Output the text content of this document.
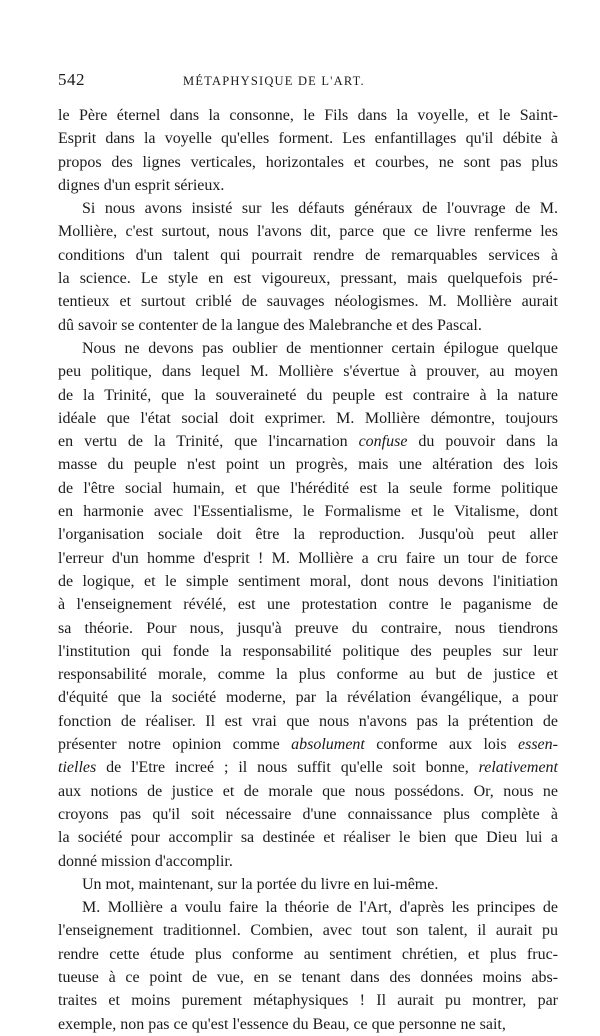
542	MÉTAPHYSIQUE DE L'ART.
le Père éternel dans la consonne, le Fils dans la voyelle, et le Saint-
Esprit dans la voyelle qu'elles forment. Les enfantillages qu'il débite à
propos des lignes verticales, horizontales et courbes, ne sont pas plus
dignes d'un esprit sérieux.
Si nous avons insisté sur les défauts généraux de l'ouvrage de M.
Mollière, c'est surtout, nous l'avons dit, parce que ce livre renferme les
conditions d'un talent qui pourrait rendre de remarquables services à
la science. Le style en est vigoureux, pressant, mais quelquefois pré-
tentieux et surtout criblé de sauvages néologismes. M. Mollière aurait
dû savoir se contenter de la langue des Malebranche et des Pascal.
Nous ne devons pas oublier de mentionner certain épilogue quelque
peu politique, dans lequel M. Mollière s'évertue à prouver, au moyen
de la Trinité, que la souveraineté du peuple est contraire à la nature
idéale que l'état social doit exprimer. M. Mollière démontre, toujours
en vertu de la Trinité, que l'incarnation confuse du pouvoir dans la
masse du peuple n'est point un progrès, mais une altération des lois
de l'être social humain, et que l'hérédité est la seule forme politique
en harmonie avec l'Essentialisme, le Formalisme et le Vitalisme, dont
l'organisation sociale doit être la reproduction. Jusqu'où peut aller
l'erreur d'un homme d'esprit ! M. Mollière a cru faire un tour de force
de logique, et le simple sentiment moral, dont nous devons l'initiation
à l'enseignement révélé, est une protestation contre le paganisme de
sa théorie. Pour nous, jusqu'à preuve du contraire, nous tiendrons
l'institution qui fonde la responsabilité politique des peuples sur leur
responsabilité morale, comme la plus conforme au but de justice et
d'équité que la société moderne, par la révélation évangélique, a pour
fonction de réaliser. Il est vrai que nous n'avons pas la prétention de
présenter notre opinion comme absolument conforme aux lois essen-
tielles de l'Etre increé ; il nous suffit qu'elle soit bonne, relativement
aux notions de justice et de morale que nous possédons. Or, nous ne
croyons pas qu'il soit nécessaire d'une connaissance plus complète à
la société pour accomplir sa destinée et réaliser le bien que Dieu lui a
donné mission d'accomplir.
Un mot, maintenant, sur la portée du livre en lui-même.
M. Mollière a voulu faire la théorie de l'Art, d'après les principes de
l'enseignement traditionnel. Combien, avec tout son talent, il aurait pu
rendre cette étude plus conforme au sentiment chrétien, et plus fruc-
tueuse à ce point de vue, en se tenant dans des données moins abs-
traites et moins purement métaphysiques ! Il aurait pu montrer, par
exemple, non pas ce qu'est l'essence du Beau, ce que personne ne sait,
